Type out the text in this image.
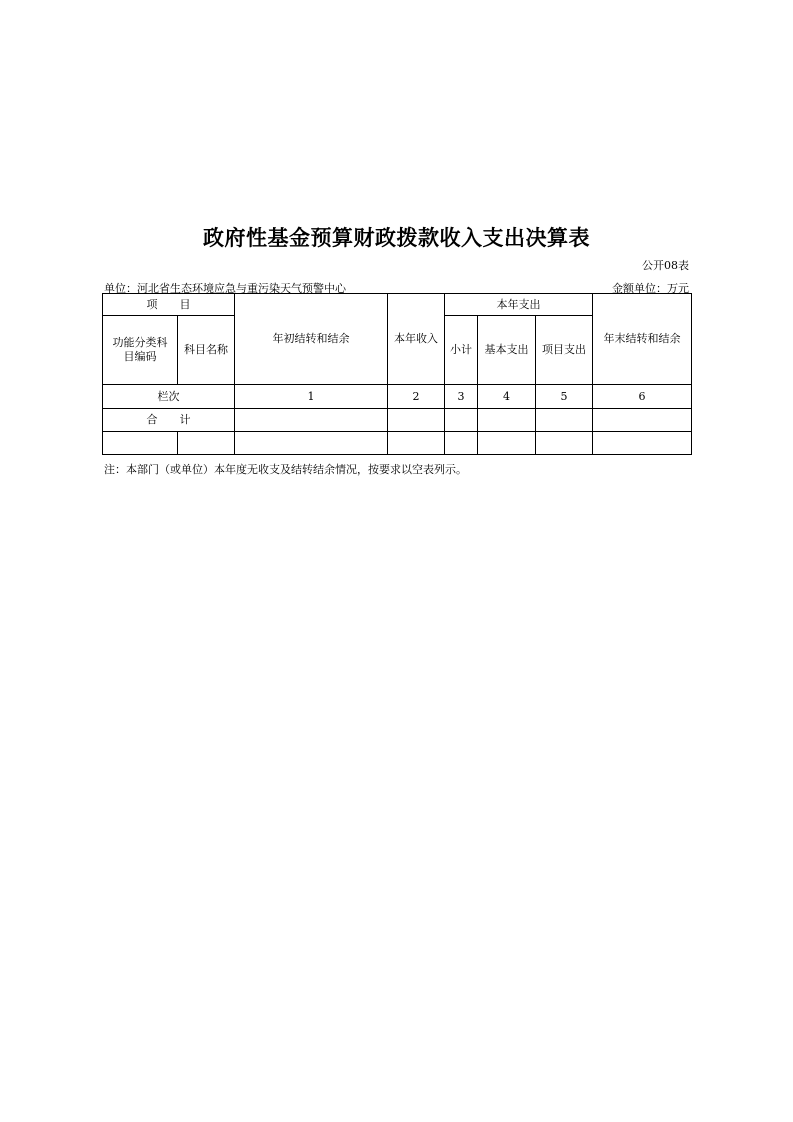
政府性基金预算财政拨款收入支出决算表
公开08表
单位：河北省生态环境应急与重污染天气预警中心	金额单位：万元
项　　目		年初结转和结余	本年收入	本年支出			年末结转和结余
功能分类科目编码	科目名称			小计	基本支出	项目支出	
栏次		1	2	3	4	5	6
合　　计							

注：本部门（或单位）本年度无收支及结转结余情况，按要求以空表列示。
